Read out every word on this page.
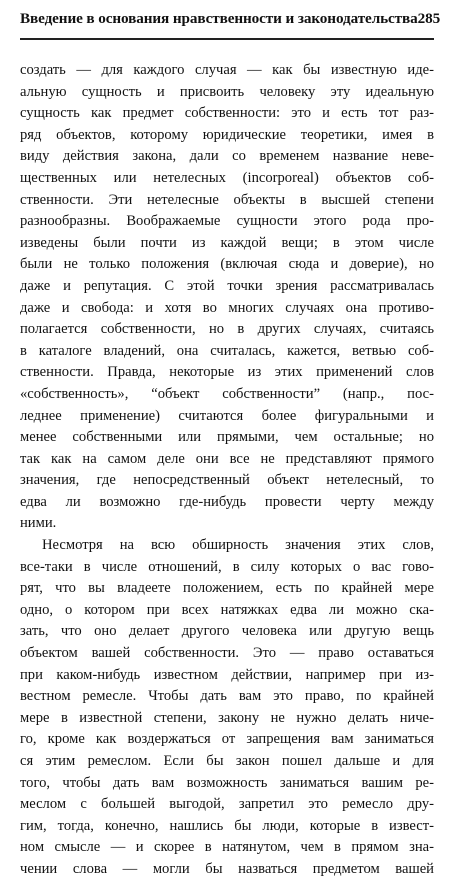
Введение в основания нравственности и законодательства 285
создать — для каждого случая — как бы известную иде-
альную сущность и присвоить человеку эту идеальную
сущность как предмет собственности: это и есть тот раз-
ряд объектов, которому юридические теоретики, имея в
виду действия закона, дали со временем название неве-
щественных или нетелесных (incorporeal) объектов соб-
ственности. Эти нетелесные объекты в высшей степени
разнообразны. Воображаемые сущности этого рода про-
изведены были почти из каждой вещи; в этом числе
были не только положения (включая сюда и доверие), но
даже и репутация. С этой точки зрения рассматривалась
даже и свобода: и хотя во многих случаях она противо-
полагается собственности, но в других случаях, считаясь
в каталоге владений, она считалась, кажется, ветвью соб-
ственности. Правда, некоторые из этих применений слов
«собственность», “объект собственности” (напр., пос-
леднее применение) считаются более фигуральными и
менее собственными или прямыми, чем остальные; но
так как на самом деле они все не представляют прямого
значения, где непосредственный объект нетелесный, то
едва ли возможно где-нибудь провести черту между
ними.
Несмотря на всю обширность значения этих слов,
все-таки в числе отношений, в силу которых о вас гово-
рят, что вы владеете положением, есть по крайней мере
одно, о котором при всех натяжках едва ли можно ска-
зать, что оно делает другого человека или другую вещь
объектом вашей собственности. Это — право оставаться
при каком-нибудь известном действии, например при из-
вестном ремесле. Чтобы дать вам это право, по крайней
мере в известной степени, закону не нужно делать ниче-
го, кроме как воздержаться от запрещения вам заниматься
ся этим ремеслом. Если бы закон пошел дальше и для
того, чтобы дать вам возможность заниматься вашим ре-
меслом с большей выгодой, запретил это ремесло дру-
гим, тогда, конечно, нашлись бы люди, которые в извест-
ном смысле — и скорее в натянутом, чем в прямом зна-
чении слова — могли бы назваться предметом вашей
